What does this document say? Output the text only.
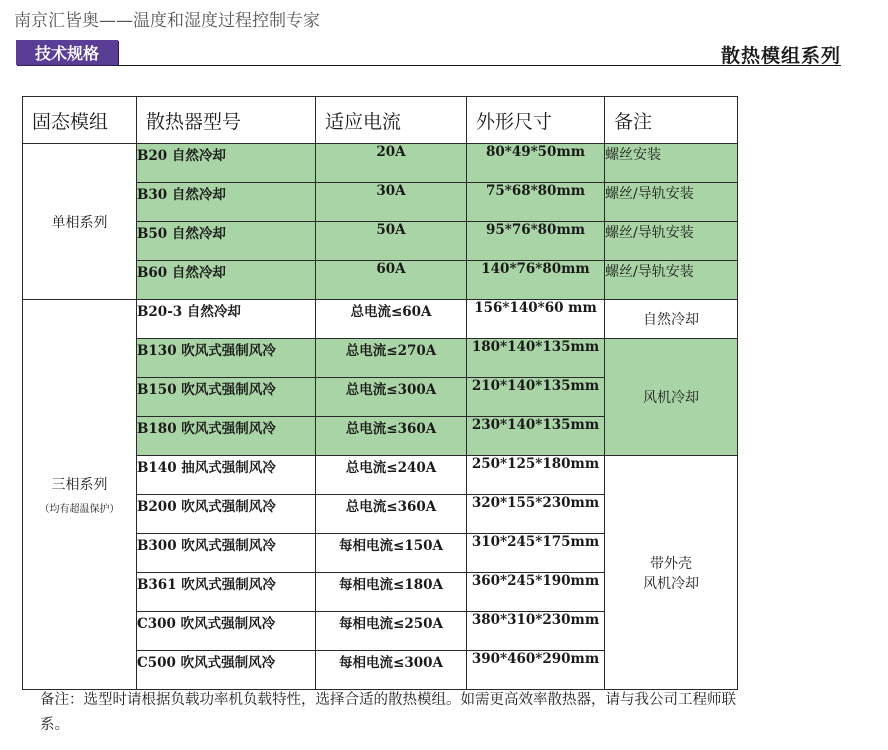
南京汇皆奥——温度和湿度过程控制专家
技术规格	散热模组系列
固态模组	散热器型号	适应电流	外形尺寸	备注
单相系列	B20 自然冷却	20A	80*49*50mm	螺丝安装
	B30 自然冷却	30A	75*68*80mm	螺丝/导轨安装
	B50 自然冷却	50A	95*76*80mm	螺丝/导轨安装
	B60 自然冷却	60A	140*76*80mm	螺丝/导轨安装
三相系列
（均有超温保护）	B20-3 自然冷却	总电流≤60A	156*140*60 mm	自然冷却
	B130 吹风式强制风冷	总电流≤270A	180*140*135mm	风机冷却
	B150 吹风式强制风冷	总电流≤300A	210*140*135mm	
	B180 吹风式强制风冷	总电流≤360A	230*140*135mm	
	B140 抽风式强制风冷	总电流≤240A	250*125*180mm	带外壳
风机冷却
	B200 吹风式强制风冷	总电流≤360A	320*155*230mm	
	B300 吹风式强制风冷	每相电流≤150A	310*245*175mm	
	B361 吹风式强制风冷	每相电流≤180A	360*245*190mm	
	C300 吹风式强制风冷	每相电流≤250A	380*310*230mm	
	C500 吹风式强制风冷	每相电流≤300A	390*460*290mm	
备注：选型时请根据负载功率机负载特性，选择合适的散热模组。如需更高效率散热器，请与我公司工程师联系。
